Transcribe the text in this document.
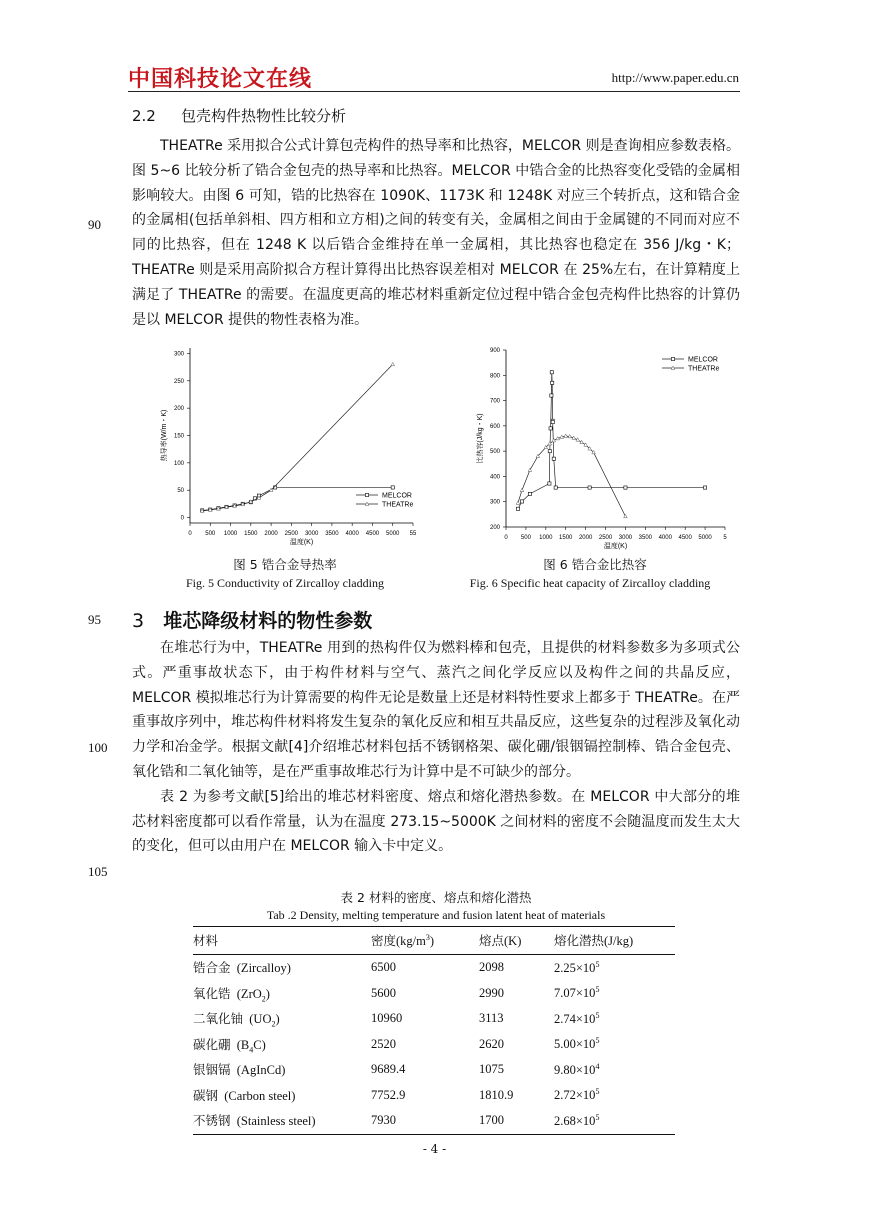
中国科技论文在线	http://www.paper.edu.cn
2.2 包壳构件热物性比较分析

THEATRe 采用拟合公式计算包壳构件的热导率和比热容，MELCOR 则是查询相应参数表格。图 5~6 比较分析了锆合金包壳的热导率和比热容。MELCOR 中锆合金的比热容变化受锆的金属相影响较大。由图 6 可知，锆的比热容在 1090K、1173K 和 1248K 对应三个转折点，这和锆合金的金属相(包括单斜相、四方相和立方相)之间的转变有关，金属相之间由于金属键的不同而对应不同的比热容，但在 1248 K 以后锆合金维持在单一金属相，其比热容也稳定在 356 J/kg・K；THEATRe 则是采用高阶拟合方程计算得出比热容误差相对 MELCOR 在 25%左右，在计算精度上满足了 THEATRe 的需要。在温度更高的堆芯材料重新定位过程中锆合金包壳构件比热容的计算仍是以 MELCOR 提供的物性表格为准。

90
95
100
105
0 500 1000 1500 2000 2500 3000 3500 4000 4500 5000 55
0
50
100
150
200
250
300
热导率(W/m・K)
温度(K)
MELCOR
THEATRe
图 5 锆合金导热率
Fig. 5 Conductivity of Zircalloy cladding
0 500 1000 1500 2000 2500 3000 3500 4000 4500 5000 5
200
300
400
500
600
700
800
900
比热容(J/kg・K)
温度(K)
MELCOR
THEATRe
图 6 锆合金比热容
Fig. 6 Specific heat capacity of Zircalloy cladding
3 堆芯降级材料的物性参数

在堆芯行为中，THEATRe 用到的热构件仅为燃料棒和包壳，且提供的材料参数多为多项式公式。严重事故状态下，由于构件材料与空气、蒸汽之间化学反应以及构件之间的共晶反应，MELCOR 模拟堆芯行为计算需要的构件无论是数量上还是材料特性要求上都多于 THEATRe。在严重事故序列中，堆芯构件材料将发生复杂的氧化反应和相互共晶反应，这些复杂的过程涉及氧化动力学和冶金学。根据文献[4]介绍堆芯材料包括不锈钢格架、碳化硼/银铟镉控制棒、锆合金包壳、氧化锆和二氧化铀等，是在严重事故堆芯行为计算中是不可缺少的部分。

表 2 为参考文献[5]给出的堆芯材料密度、熔点和熔化潜热参数。在 MELCOR 中大部分的堆芯材料密度都可以看作常量，认为在温度 273.15~5000K 之间材料的密度不会随温度而发生太大的变化，但可以由用户在 MELCOR 输入卡中定义。

表 2 材料的密度、熔点和熔化潜热
Tab .2 Density, melting temperature and fusion latent heat of materials
材料	密度$(kg/m^3)$	熔点(K)	熔化潜热(J/kg)
锆合金 (Zircalloy)	6500	2098	$2.25\times 10^5$
氧化锆 (ZrO$_2$)	5600	2990	$7.07\times 10^5$
二氧化铀 $(UO_2)$	10960	3113	$2.74\times 10^5$
碳化硼 $(B_4C)$	2520	2620	$5.00\times 10^5$
银铟镉 (AgInCd)	9689.4	1075	$9.80\times 10^4$
碳钢 (Carbon steel)	7752.9	1810.9	$2.72\times 10^5$
不锈钢 (Stainless steel)	7930	1700	$2.68\times 10^5$
- 4 -
